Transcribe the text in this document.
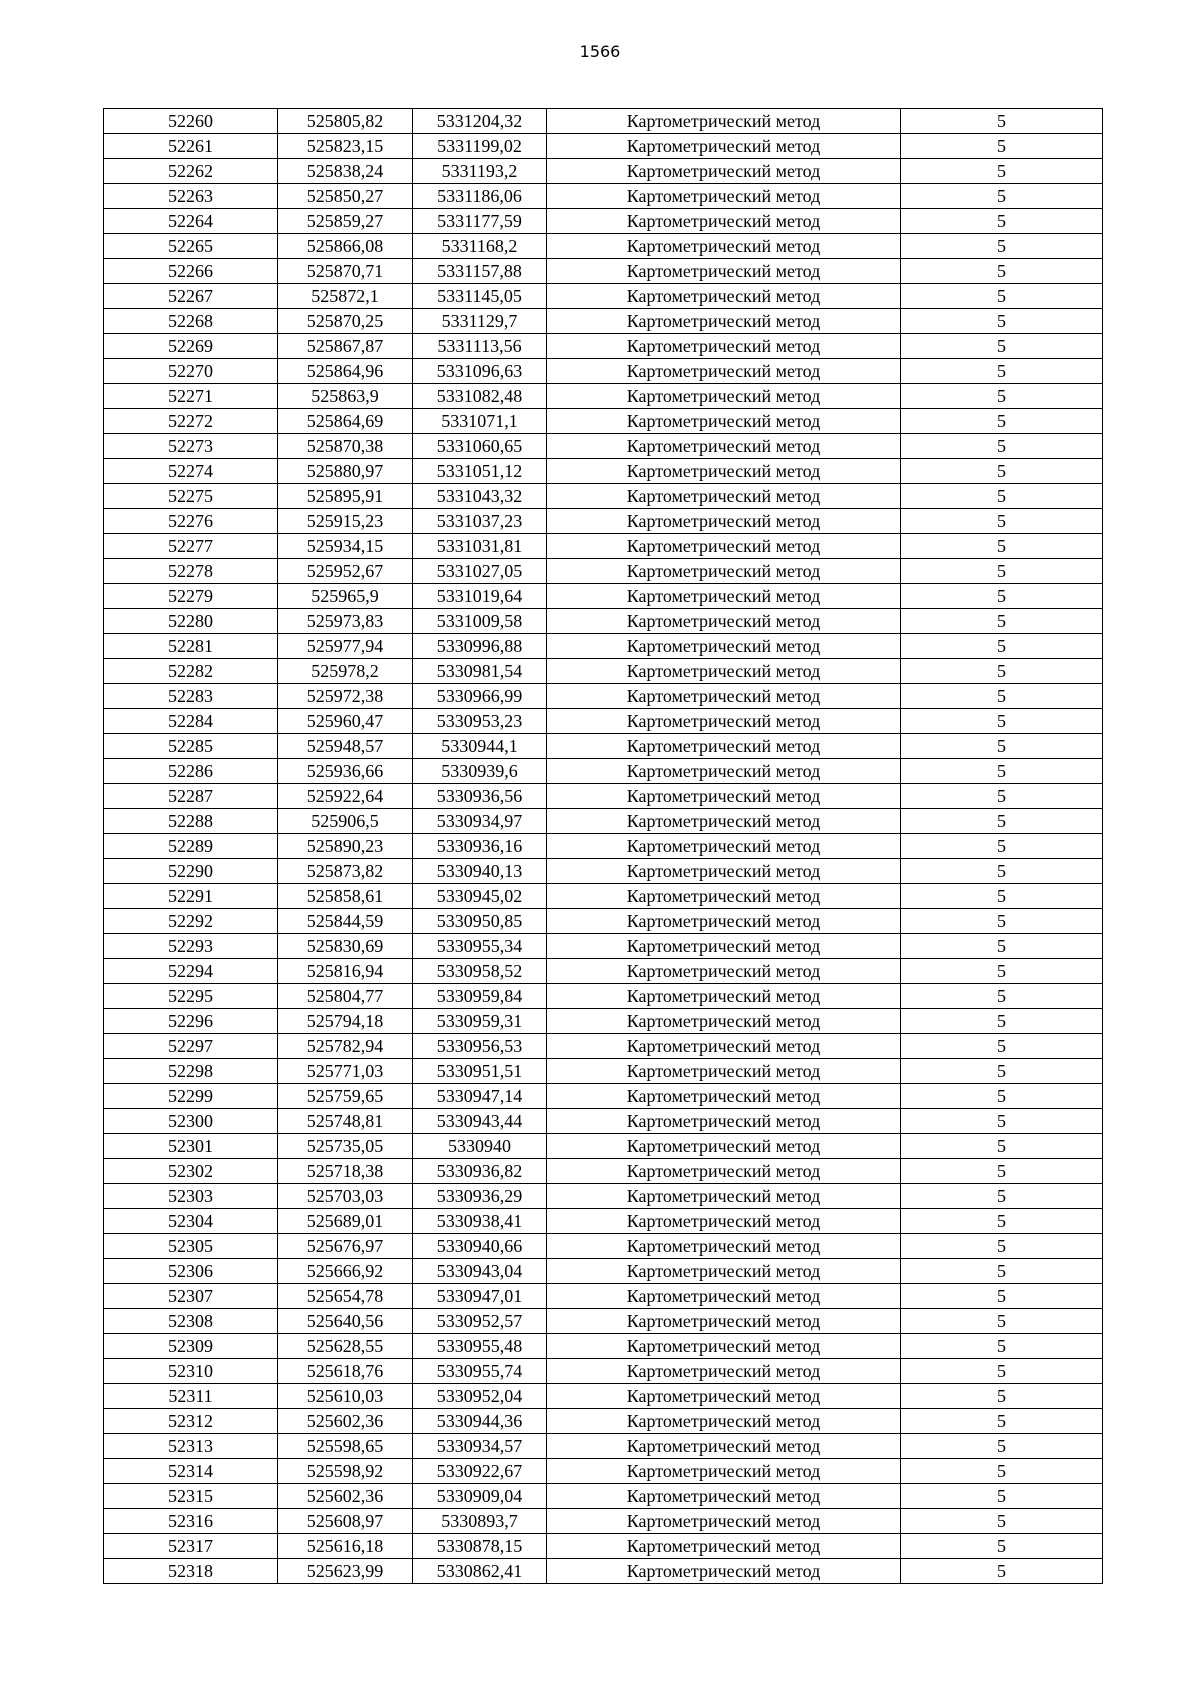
1566
52260	525805,82	5331204,32	Картометрический метод	5
52261	525823,15	5331199,02	Картометрический метод	5
52262	525838,24	5331193,2	Картометрический метод	5
52263	525850,27	5331186,06	Картометрический метод	5
52264	525859,27	5331177,59	Картометрический метод	5
52265	525866,08	5331168,2	Картометрический метод	5
52266	525870,71	5331157,88	Картометрический метод	5
52267	525872,1	5331145,05	Картометрический метод	5
52268	525870,25	5331129,7	Картометрический метод	5
52269	525867,87	5331113,56	Картометрический метод	5
52270	525864,96	5331096,63	Картометрический метод	5
52271	525863,9	5331082,48	Картометрический метод	5
52272	525864,69	5331071,1	Картометрический метод	5
52273	525870,38	5331060,65	Картометрический метод	5
52274	525880,97	5331051,12	Картометрический метод	5
52275	525895,91	5331043,32	Картометрический метод	5
52276	525915,23	5331037,23	Картометрический метод	5
52277	525934,15	5331031,81	Картометрический метод	5
52278	525952,67	5331027,05	Картометрический метод	5
52279	525965,9	5331019,64	Картометрический метод	5
52280	525973,83	5331009,58	Картометрический метод	5
52281	525977,94	5330996,88	Картометрический метод	5
52282	525978,2	5330981,54	Картометрический метод	5
52283	525972,38	5330966,99	Картометрический метод	5
52284	525960,47	5330953,23	Картометрический метод	5
52285	525948,57	5330944,1	Картометрический метод	5
52286	525936,66	5330939,6	Картометрический метод	5
52287	525922,64	5330936,56	Картометрический метод	5
52288	525906,5	5330934,97	Картометрический метод	5
52289	525890,23	5330936,16	Картометрический метод	5
52290	525873,82	5330940,13	Картометрический метод	5
52291	525858,61	5330945,02	Картометрический метод	5
52292	525844,59	5330950,85	Картометрический метод	5
52293	525830,69	5330955,34	Картометрический метод	5
52294	525816,94	5330958,52	Картометрический метод	5
52295	525804,77	5330959,84	Картометрический метод	5
52296	525794,18	5330959,31	Картометрический метод	5
52297	525782,94	5330956,53	Картометрический метод	5
52298	525771,03	5330951,51	Картометрический метод	5
52299	525759,65	5330947,14	Картометрический метод	5
52300	525748,81	5330943,44	Картометрический метод	5
52301	525735,05	5330940	Картометрический метод	5
52302	525718,38	5330936,82	Картометрический метод	5
52303	525703,03	5330936,29	Картометрический метод	5
52304	525689,01	5330938,41	Картометрический метод	5
52305	525676,97	5330940,66	Картометрический метод	5
52306	525666,92	5330943,04	Картометрический метод	5
52307	525654,78	5330947,01	Картометрический метод	5
52308	525640,56	5330952,57	Картометрический метод	5
52309	525628,55	5330955,48	Картометрический метод	5
52310	525618,76	5330955,74	Картометрический метод	5
52311	525610,03	5330952,04	Картометрический метод	5
52312	525602,36	5330944,36	Картометрический метод	5
52313	525598,65	5330934,57	Картометрический метод	5
52314	525598,92	5330922,67	Картометрический метод	5
52315	525602,36	5330909,04	Картометрический метод	5
52316	525608,97	5330893,7	Картометрический метод	5
52317	525616,18	5330878,15	Картометрический метод	5
52318	525623,99	5330862,41	Картометрический метод	5
